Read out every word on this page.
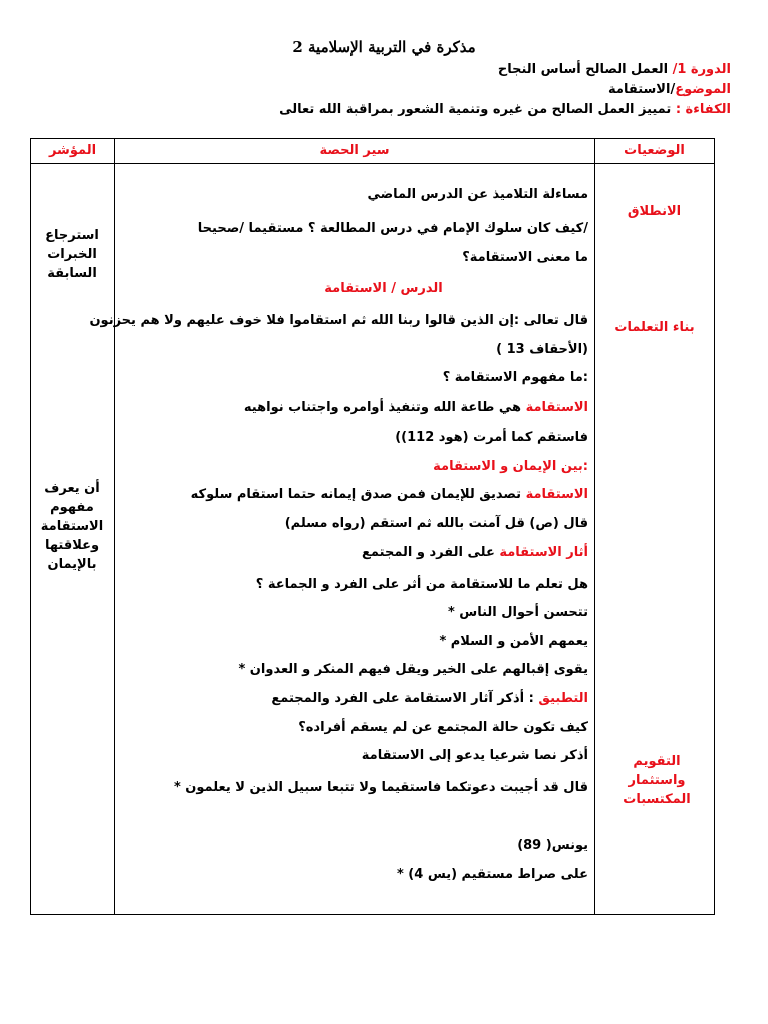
مذكرة في التربية الإسلامية 2
الدورة 1/ العمل الصالح أساس النجاح
الموضوع/الاستقامة
الكفاءة : تمييز العمل الصالح من غيره وتنمية الشعور بمراقبة الله تعالى
الوضعيات
سير الحصة
المؤشر
الانطلاق
بناء التعلمات
التقويم واستثمار المكتسبات
استرجاع الخبرات السابقة
أن يعرف مفهوم الاستقامة وعلاقتها بالإيمان
مساءلة التلاميذ عن الدرس الماضي
/كيف كان سلوك الإمام في درس المطالعة ؟ مستقيما /صحيحا
ما معنى الاستقامة؟
الدرس / الاستقامة
قال تعالى :إن الذين قالوا ربنا الله ثم استقاموا فلا خوف عليهم ولا هم يحزنون
(الأحقاف 13 )
:ما مفهوم الاستقامة ؟
الاستقامة هي طاعة الله وتنفيذ أوامره واجتناب نواهيه
فاستقم كما أمرت (هود 112))
:بين الإيمان و الاستقامة
الاستقامة تصديق للإيمان فمن صدق إيمانه حتما استقام سلوكه
قال (ص) قل آمنت بالله ثم استقم (رواه مسلم)
أثار الاستقامة على الفرد و المجتمع
هل تعلم ما للاستقامة من أثر على الفرد و الجماعة ؟
تتحسن أحوال الناس *
يعمهم الأمن و السلام *
يقوى إقبالهم على الخير ويقل فيهم المنكر و العدوان *
التطبيق : أذكر آثار الاستقامة على الفرد والمجتمع
كيف تكون حالة المجتمع عن لم يسقم أفراده؟
أذكر نصا شرعيا يدعو إلى الاستقامة
قال قد أجيبت دعوتكما فاستقيما ولا تتبعا سبيل الذين لا يعلمون *
يونس( 89)
على صراط مستقيم (يس 4) *
